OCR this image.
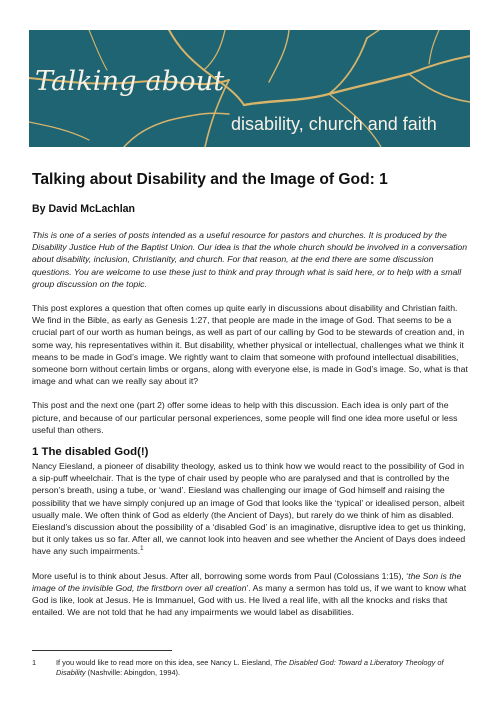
Talking about
disability, church and faith
Talking about Disability and the Image of God: 1
By David McLachlan

This is one of a series of posts intended as a useful resource for pastors and churches. It is produced by the Disability Justice Hub of the Baptist Union. Our idea is that the whole church should be involved in a conversation about disability, inclusion, Christianity, and church. For that reason, at the end there are some discussion questions. You are welcome to use these just to think and pray through what is said here, or to help with a small group discussion on the topic.

This post explores a question that often comes up quite early in discussions about disability and Christian faith. We find in the Bible, as early as Genesis 1:27, that people are made in the image of God. That seems to be a crucial part of our worth as human beings, as well as part of our calling by God to be stewards of creation and, in some way, his representatives within it. But disability, whether physical or intellectual, challenges what we think it means to be made in God’s image. We rightly want to claim that someone with profound intellectual disabilities, someone born without certain limbs or organs, along with everyone else, is made in God’s image. So, what is that image and what can we really say about it?

This post and the next one (part 2) offer some ideas to help with this discussion. Each idea is only part of the picture, and because of our particular personal experiences, some people will find one idea more useful or less useful than others.

1 The disabled God(!)

Nancy Eiesland, a pioneer of disability theology, asked us to think how we would react to the possibility of God in a sip-puff wheelchair. That is the type of chair used by people who are paralysed and that is controlled by the person’s breath, using a tube, or ‘wand’. Eiesland was challenging our image of God himself and raising the possibility that we have simply conjured up an image of God that looks like the ‘typical’ or idealised person, albeit usually male. We often think of God as elderly (the Ancient of Days), but rarely do we think of him as disabled. Eiesland’s discussion about the possibility of a ‘disabled God’ is an imaginative, disruptive idea to get us thinking, but it only takes us so far. After all, we cannot look into heaven and see whether the Ancient of Days does indeed have any such impairments.$^1$

More useful is to think about Jesus. After all, borrowing some words from Paul (Colossians 1:15), ‘the Son is the image of the invisible God, the firstborn over all creation’. As many a sermon has told us, if we want to know what God is like, look at Jesus. He is Immanuel, God with us. He lived a real life, with all the knocks and risks that entailed. We are not told that he had any impairments we would label as disabilities.

1	If you would like to read more on this idea, see Nancy L. Eiesland, The Disabled God: Toward a Liberatory Theology of Disability (Nashville: Abingdon, 1994).
